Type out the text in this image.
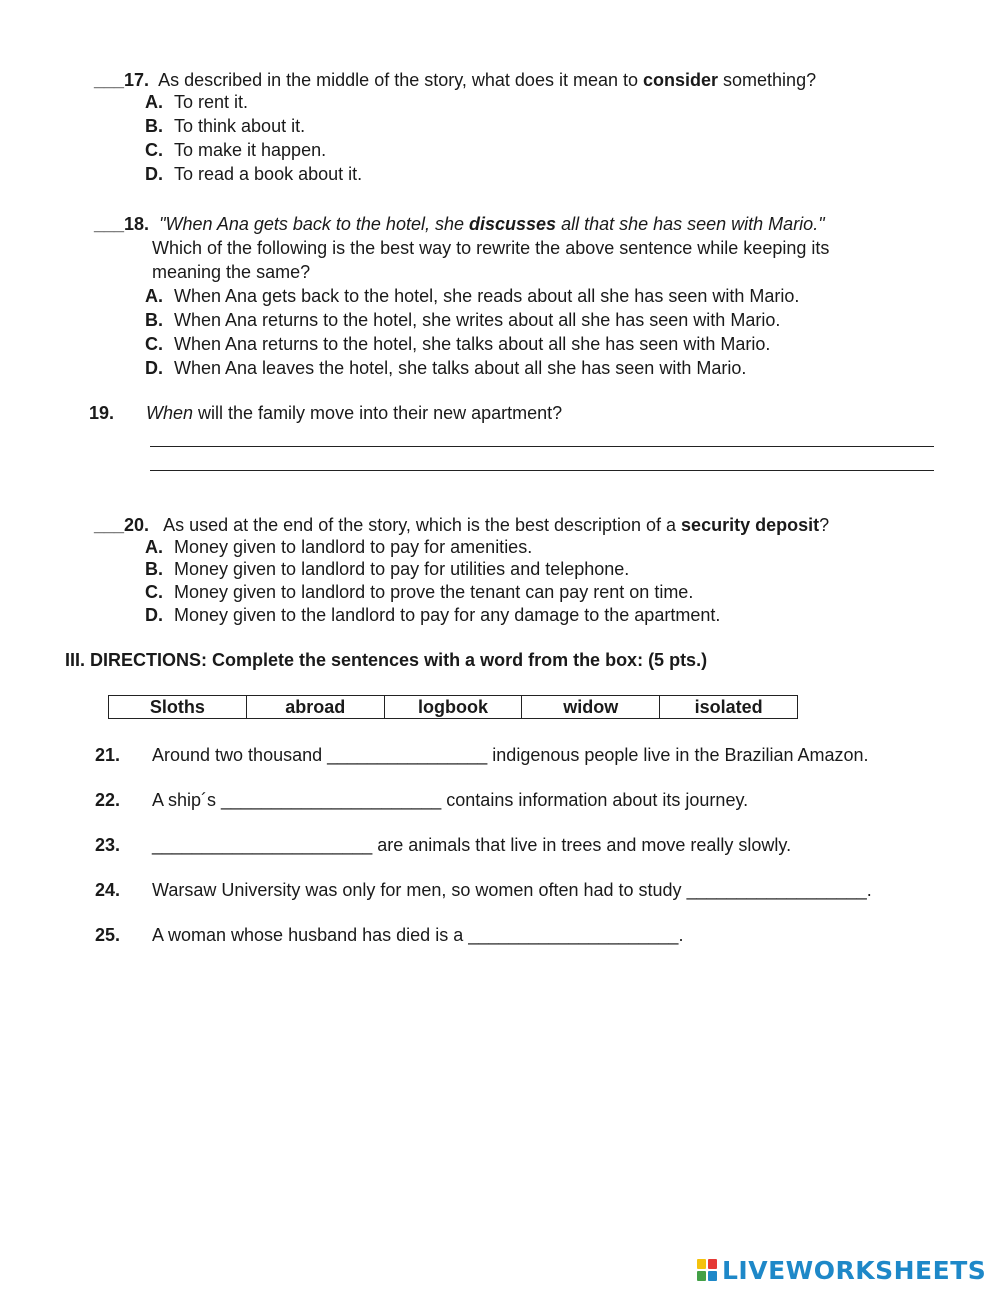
___17. As described in the middle of the story, what does it mean to consider something?
A. To rent it.
B. To think about it.
C. To make it happen.
D. To read a book about it.
___18. "When Ana gets back to the hotel, she discusses all that she has seen with Mario."
Which of the following is the best way to rewrite the above sentence while keeping its
meaning the same?
A. When Ana gets back to the hotel, she reads about all she has seen with Mario.
B. When Ana returns to the hotel, she writes about all she has seen with Mario.
C. When Ana returns to the hotel, she talks about all she has seen with Mario.
D. When Ana leaves the hotel, she talks about all she has seen with Mario.
19. When will the family move into their new apartment?
___20. As used at the end of the story, which is the best description of a security deposit?
A. Money given to landlord to pay for amenities.
B. Money given to landlord to pay for utilities and telephone.
C. Money given to landlord to prove the tenant can pay rent on time.
D. Money given to the landlord to pay for any damage to the apartment.
III. DIRECTIONS: Complete the sentences with a word from the box: (5 pts.)
Sloths	abroad	logbook	widow	isolated
21. Around two thousand ________________ indigenous people live in the Brazilian Amazon.
22. A ship´s ______________________ contains information about its journey.
23. ______________________ are animals that live in trees and move really slowly.
24. Warsaw University was only for men, so women often had to study __________________.
25. A woman whose husband has died is a _____________________.
LIVEWORKSHEETS
